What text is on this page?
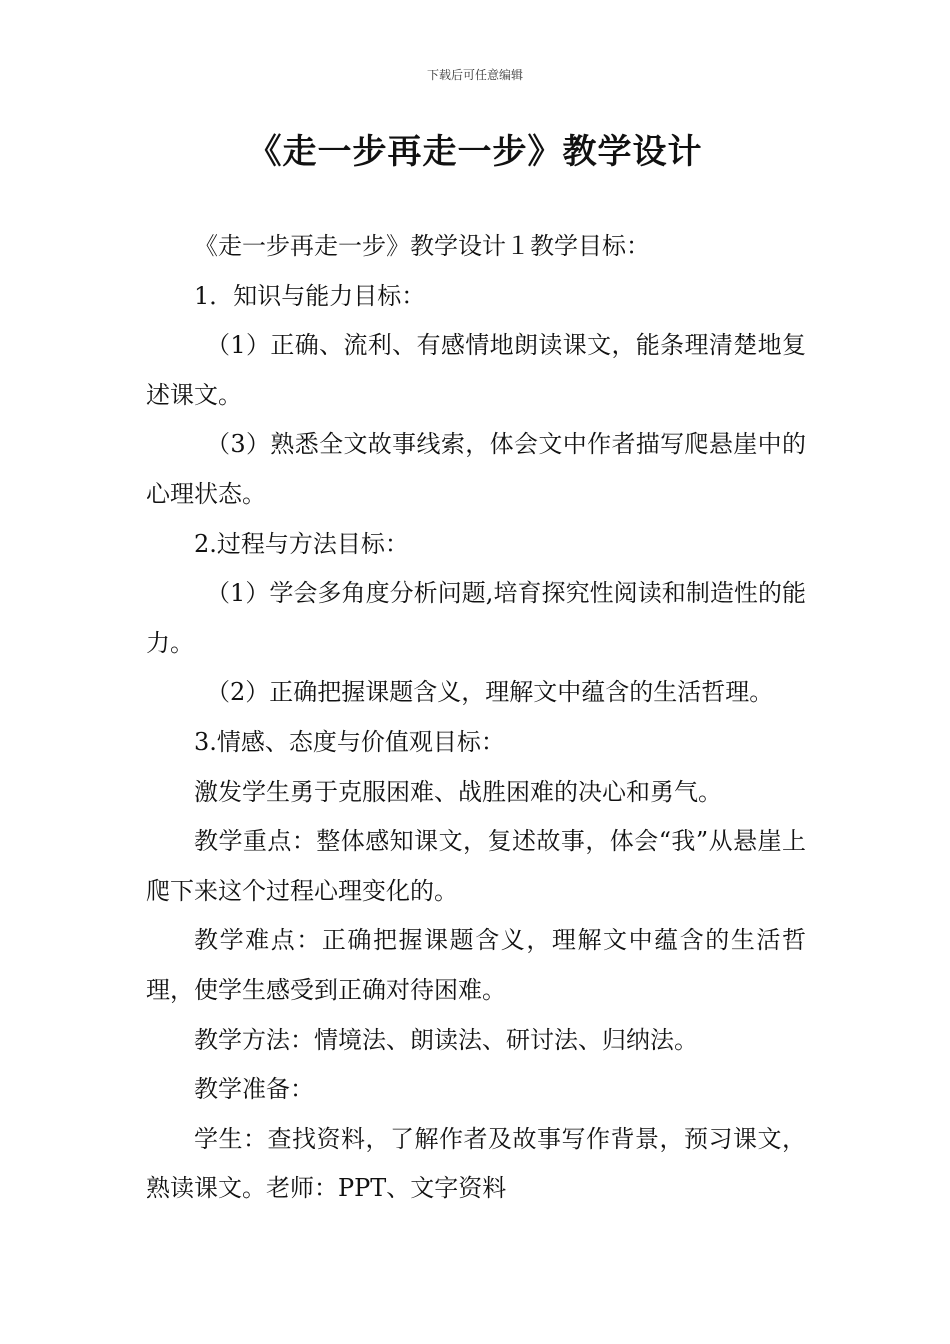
下载后可任意编辑
《走一步再走一步》教学设计

《走一步再走一步》教学设计１教学目标：

1．知识与能力目标：

（1）正确、流利、有感情地朗读课文，能条理清楚地复述课文。

（3）熟悉全文故事线索，体会文中作者描写爬悬崖中的心理状态。

2.过程与方法目标：

（1）学会多角度分析问题,培育探究性阅读和制造性的能力。

（2）正确把握课题含义，理解文中蕴含的生活哲理。

3.情感、态度与价值观目标：

激发学生勇于克服困难、战胜困难的决心和勇气。

教学重点：整体感知课文，复述故事，体会“我”从悬崖上爬下来这个过程心理变化的。

教学难点：正确把握课题含义，理解文中蕴含的生活哲理，使学生感受到正确对待困难。

教学方法：情境法、朗读法、研讨法、归纳法。

教学准备：

学生：查找资料，了解作者及故事写作背景，预习课文，熟读课文。老师：PPT、文字资料
